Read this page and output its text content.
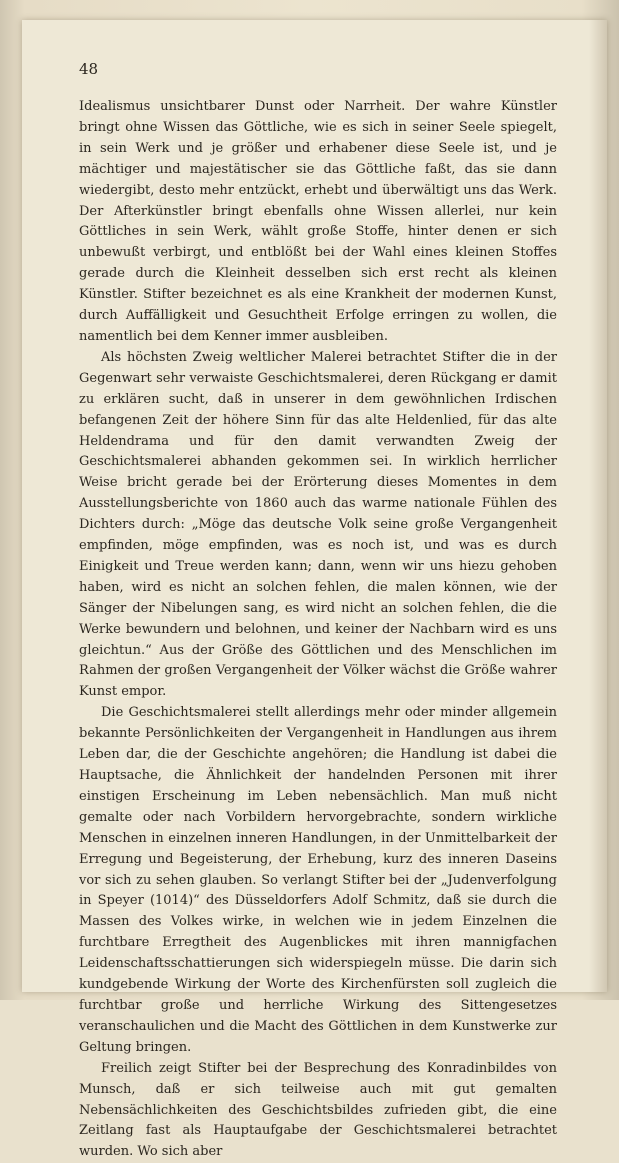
48

Idealismus unsichtbarer Dunst oder Narrheit. Der wahre Künstler bringt ohne Wissen das Göttliche, wie es sich in seiner Seele spiegelt, in sein Werk und je größer und erhabener diese Seele ist, und je mächtiger und majestätischer sie das Göttliche faßt, das sie dann wiedergibt, desto mehr entzückt, erhebt und überwältigt uns das Werk. Der Afterkünstler bringt ebenfalls ohne Wissen allerlei, nur kein Göttliches in sein Werk, wählt große Stoffe, hinter denen er sich unbewußt verbirgt, und entblößt bei der Wahl eines kleinen Stoffes gerade durch die Kleinheit desselben sich erst recht als kleinen Künstler. Stifter bezeichnet es als eine Krankheit der modernen Kunst, durch Auffälligkeit und Gesuchtheit Erfolge erringen zu wollen, die namentlich bei dem Kenner immer ausbleiben.

Als höchsten Zweig weltlicher Malerei betrachtet Stifter die in der Gegenwart sehr verwaiste Geschichtsmalerei, deren Rückgang er damit zu erklären sucht, daß in unserer in dem gewöhnlichen Irdischen befangenen Zeit der höhere Sinn für das alte Heldenlied, für das alte Heldendrama und für den damit verwandten Zweig der Geschichtsmalerei abhanden gekommen sei. In wirklich herrlicher Weise bricht gerade bei der Erörterung dieses Momentes in dem Ausstellungsberichte von 1860 auch das warme nationale Fühlen des Dichters durch: „Möge das deutsche Volk seine große Vergangenheit empfinden, möge empfinden, was es noch ist, und was es durch Einigkeit und Treue werden kann; dann, wenn wir uns hiezu gehoben haben, wird es nicht an solchen fehlen, die malen können, wie der Sänger der Nibelungen sang, es wird nicht an solchen fehlen, die die Werke bewundern und belohnen, und keiner der Nachbarn wird es uns gleichtun.“ Aus der Größe des Göttlichen und des Menschlichen im Rahmen der großen Vergangenheit der Völker wächst die Größe wahrer Kunst empor.

Die Geschichtsmalerei stellt allerdings mehr oder minder allgemein bekannte Persönlichkeiten der Vergangenheit in Handlungen aus ihrem Leben dar, die der Geschichte angehören; die Handlung ist dabei die Hauptsache, die Ähnlichkeit der handelnden Personen mit ihrer einstigen Erscheinung im Leben nebensächlich. Man muß nicht gemalte oder nach Vorbildern hervorgebrachte, sondern wirkliche Menschen in einzelnen inneren Handlungen, in der Unmittelbarkeit der Erregung und Begeisterung, der Erhebung, kurz des inneren Daseins vor sich zu sehen glauben. So verlangt Stifter bei der „Judenverfolgung in Speyer (1014)“ des Düsseldorfers Adolf Schmitz, daß sie durch die Massen des Volkes wirke, in welchen wie in jedem Einzelnen die furchtbare Erregtheit des Augenblickes mit ihren mannigfachen Leidenschaftsschattierungen sich widerspiegeln müsse. Die darin sich kundgebende Wirkung der Worte des Kirchenfürsten soll zugleich die furchtbar große und herrliche Wirkung des Sittengesetzes veranschaulichen und die Macht des Göttlichen in dem Kunstwerke zur Geltung bringen.

Freilich zeigt Stifter bei der Besprechung des Konradinbildes von Munsch, daß er sich teilweise auch mit gut gemalten Nebensächlichkeiten des Geschichtsbildes zufrieden gibt, die eine Zeitlang fast als Hauptaufgabe der Geschichtsmalerei betrachtet wurden. Wo sich aber
